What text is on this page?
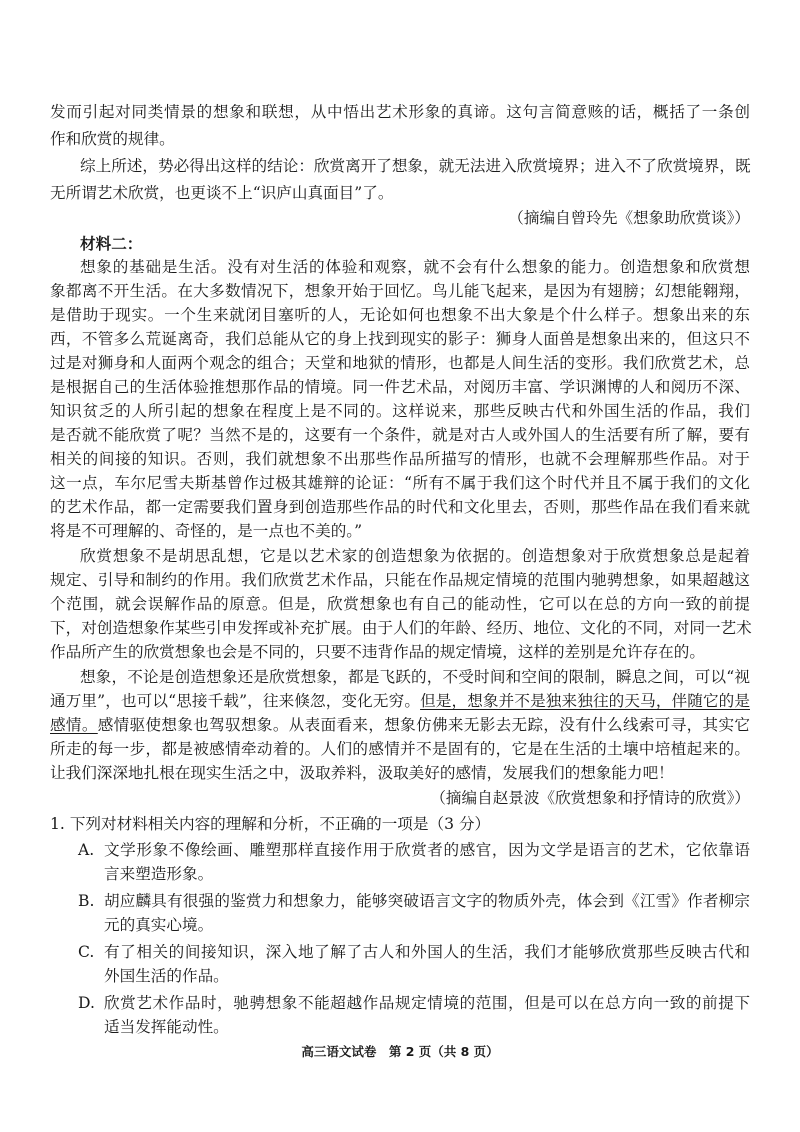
发而引起对同类情景的想象和联想，从中悟出艺术形象的真谛。这句言简意赅的话，概括了一条创
作和欣赏的规律。
综上所述，势必得出这样的结论：欣赏离开了想象，就无法进入欣赏境界；进入不了欣赏境界，既
无所谓艺术欣赏，也更谈不上“识庐山真面目”了。
（摘编自曾玲先《想象助欣赏谈》）
材料二：
想象的基础是生活。没有对生活的体验和观察，就不会有什么想象的能力。创造想象和欣赏想
象都离不开生活。在大多数情况下，想象开始于回忆。鸟儿能飞起来，是因为有翅膀；幻想能翱翔，
是借助于现实。一个生来就闭目塞听的人，无论如何也想象不出大象是个什么样子。想象出来的东
西，不管多么荒诞离奇，我们总能从它的身上找到现实的影子：狮身人面兽是想象出来的，但这只不
过是对狮身和人面两个观念的组合；天堂和地狱的情形，也都是人间生活的变形。我们欣赏艺术，总
是根据自己的生活体验推想那作品的情境。同一件艺术品，对阅历丰富、学识渊博的人和阅历不深、
知识贫乏的人所引起的想象在程度上是不同的。这样说来，那些反映古代和外国生活的作品，我们
是否就不能欣赏了呢？当然不是的，这要有一个条件，就是对古人或外国人的生活要有所了解，要有
相关的间接的知识。否则，我们就想象不出那些作品所描写的情形，也就不会理解那些作品。对于
这一点，车尔尼雪夫斯基曾作过极其雄辩的论证：“所有不属于我们这个时代并且不属于我们的文化
的艺术作品，都一定需要我们置身到创造那些作品的时代和文化里去，否则，那些作品在我们看来就
将是不可理解的、奇怪的，是一点也不美的。”
欣赏想象不是胡思乱想，它是以艺术家的创造想象为依据的。创造想象对于欣赏想象总是起着
规定、引导和制约的作用。我们欣赏艺术作品，只能在作品规定情境的范围内驰骋想象，如果超越这
个范围，就会误解作品的原意。但是，欣赏想象也有自己的能动性，它可以在总的方向一致的前提
下，对创造想象作某些引申发挥或补充扩展。由于人们的年龄、经历、地位、文化的不同，对同一艺术
作品所产生的欣赏想象也会是不同的，只要不违背作品的规定情境，这样的差别是允许存在的。
想象，不论是创造想象还是欣赏想象，都是飞跃的，不受时间和空间的限制，瞬息之间，可以“视
通万里”，也可以“思接千载”，往来倏忽，变化无穷。但是，想象并不是独来独往的天马，伴随它的是
感情。感情驱使想象也驾驭想象。从表面看来，想象仿佛来无影去无踪，没有什么线索可寻，其实它
所走的每一步，都是被感情牵动着的。人们的感情并不是固有的，它是在生活的土壤中培植起来的。
让我们深深地扎根在现实生活之中，汲取养料，汲取美好的感情，发展我们的想象能力吧！
（摘编自赵景波《欣赏想象和抒情诗的欣赏》）
1. 下列对材料相关内容的理解和分析，不正确的一项是（3 分）
A. 文学形象不像绘画、雕塑那样直接作用于欣赏者的感官，因为文学是语言的艺术，它依靠语
言来塑造形象。
B. 胡应麟具有很强的鉴赏力和想象力，能够突破语言文字的物质外壳，体会到《江雪》作者柳宗
元的真实心境。
C. 有了相关的间接知识，深入地了解了古人和外国人的生活，我们才能够欣赏那些反映古代和
外国生活的作品。
D. 欣赏艺术作品时，驰骋想象不能超越作品规定情境的范围，但是可以在总方向一致的前提下
适当发挥能动性。
高三语文试卷　第 2 页（共 8 页）
